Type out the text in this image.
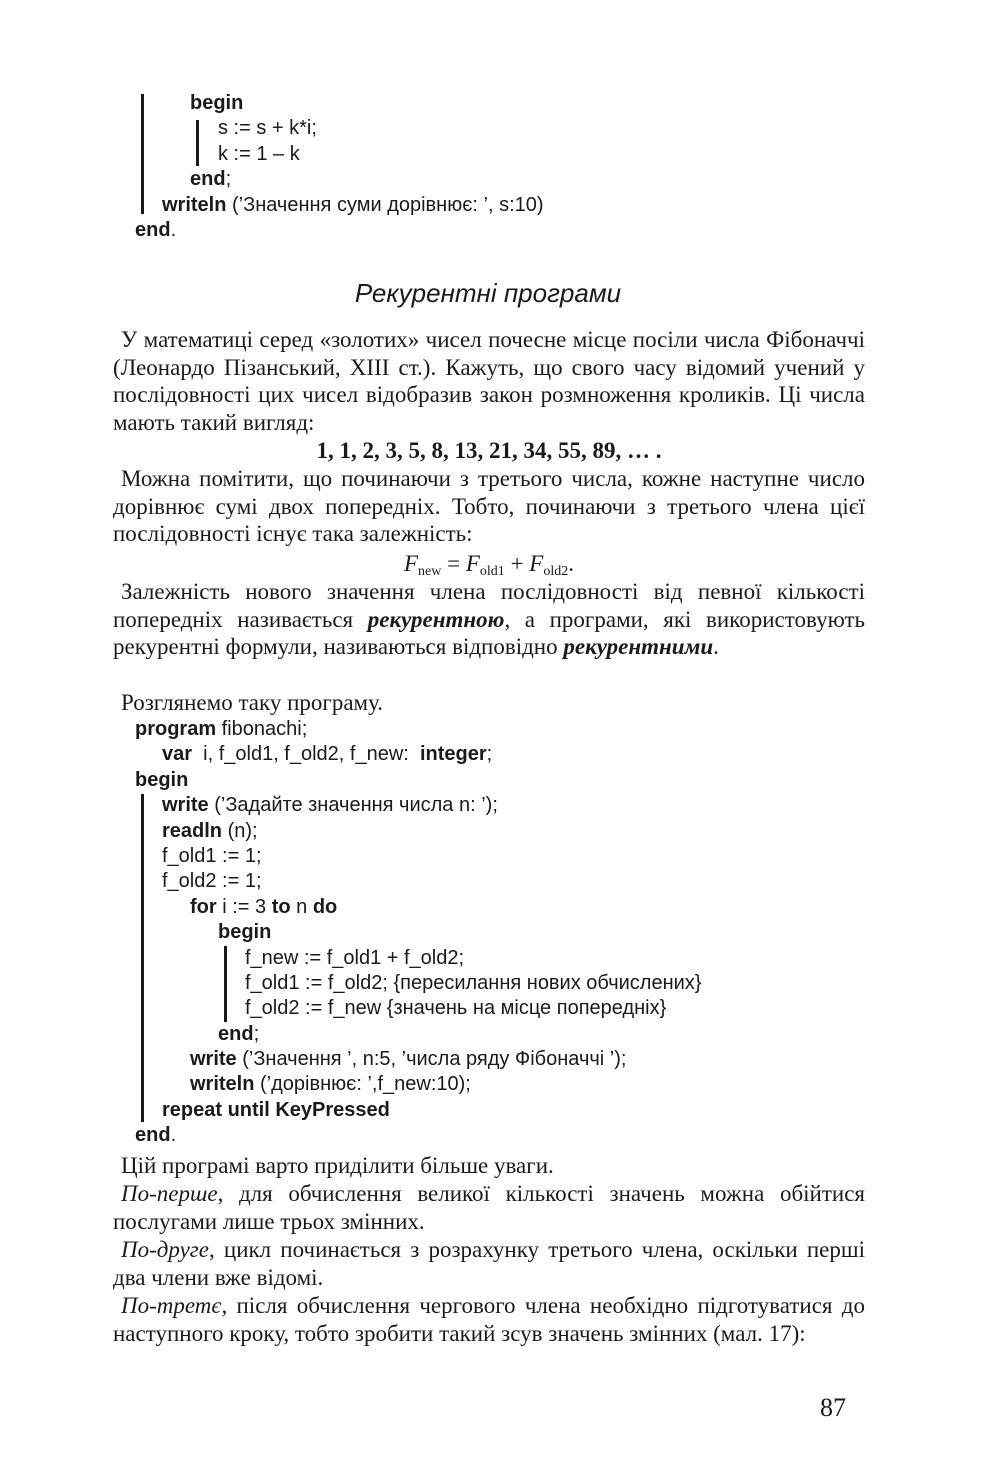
begin
s := s + k*i;
k := 1 – k
end;
writeln (’Значення суми дорівнює: ’, s:10)
end.
Рекурентні програми
У математиці серед «золотих» чисел почесне місце посіли числа Фібоначчі (Леонардо Пізанський, XIII ст.). Кажуть, що свого часу відомий учений у послідовності цих чисел відобразив закон розмноження кроликів. Ці числа мають такий вигляд:
1, 1, 2, 3, 5, 8, 13, 21, 34, 55, 89, … .
Можна помітити, що починаючи з третього числа, кожне наступне число дорівнює сумі двох попередніх. Тобто, починаючи з третього члена цієї послідовності існує така залежність:
$F_{new} = F_{old1} + F_{old2}$.
Залежність нового значення члена послідовності від певної кількості попередніх називається рекурентною, а програми, які використовують рекурентні формули, називаються відповідно рекурентними.
Розглянемо таку програму.
program fibonachi;
var  i, f_old1, f_old2, f_new:  integer;
begin
write (’Задайте значення числа n: ’);
readln (n);
f_old1 := 1;
f_old2 := 1;
for i := 3 to n do
begin
f_new := f_old1 + f_old2;
f_old1 := f_old2; {пересилання нових обчислених}
f_old2 := f_new {значень на місце попередніх}
end;
write (’Значення ’, n:5, ’числа ряду Фібоначчі ’);
writeln (’дорівнює: ’,f_new:10);
repeat until KeyPressed
end.
Цій програмі варто приділити більше уваги.
По-перше, для обчислення великої кількості значень можна обійтися послугами лише трьох змінних.
По-друге, цикл починається з розрахунку третього члена, оскільки перші два члени вже відомі.
По-третє, після обчислення чергового члена необхідно підготуватися до наступного кроку, тобто зробити такий зсув значень змінних (мал. 17):
87
